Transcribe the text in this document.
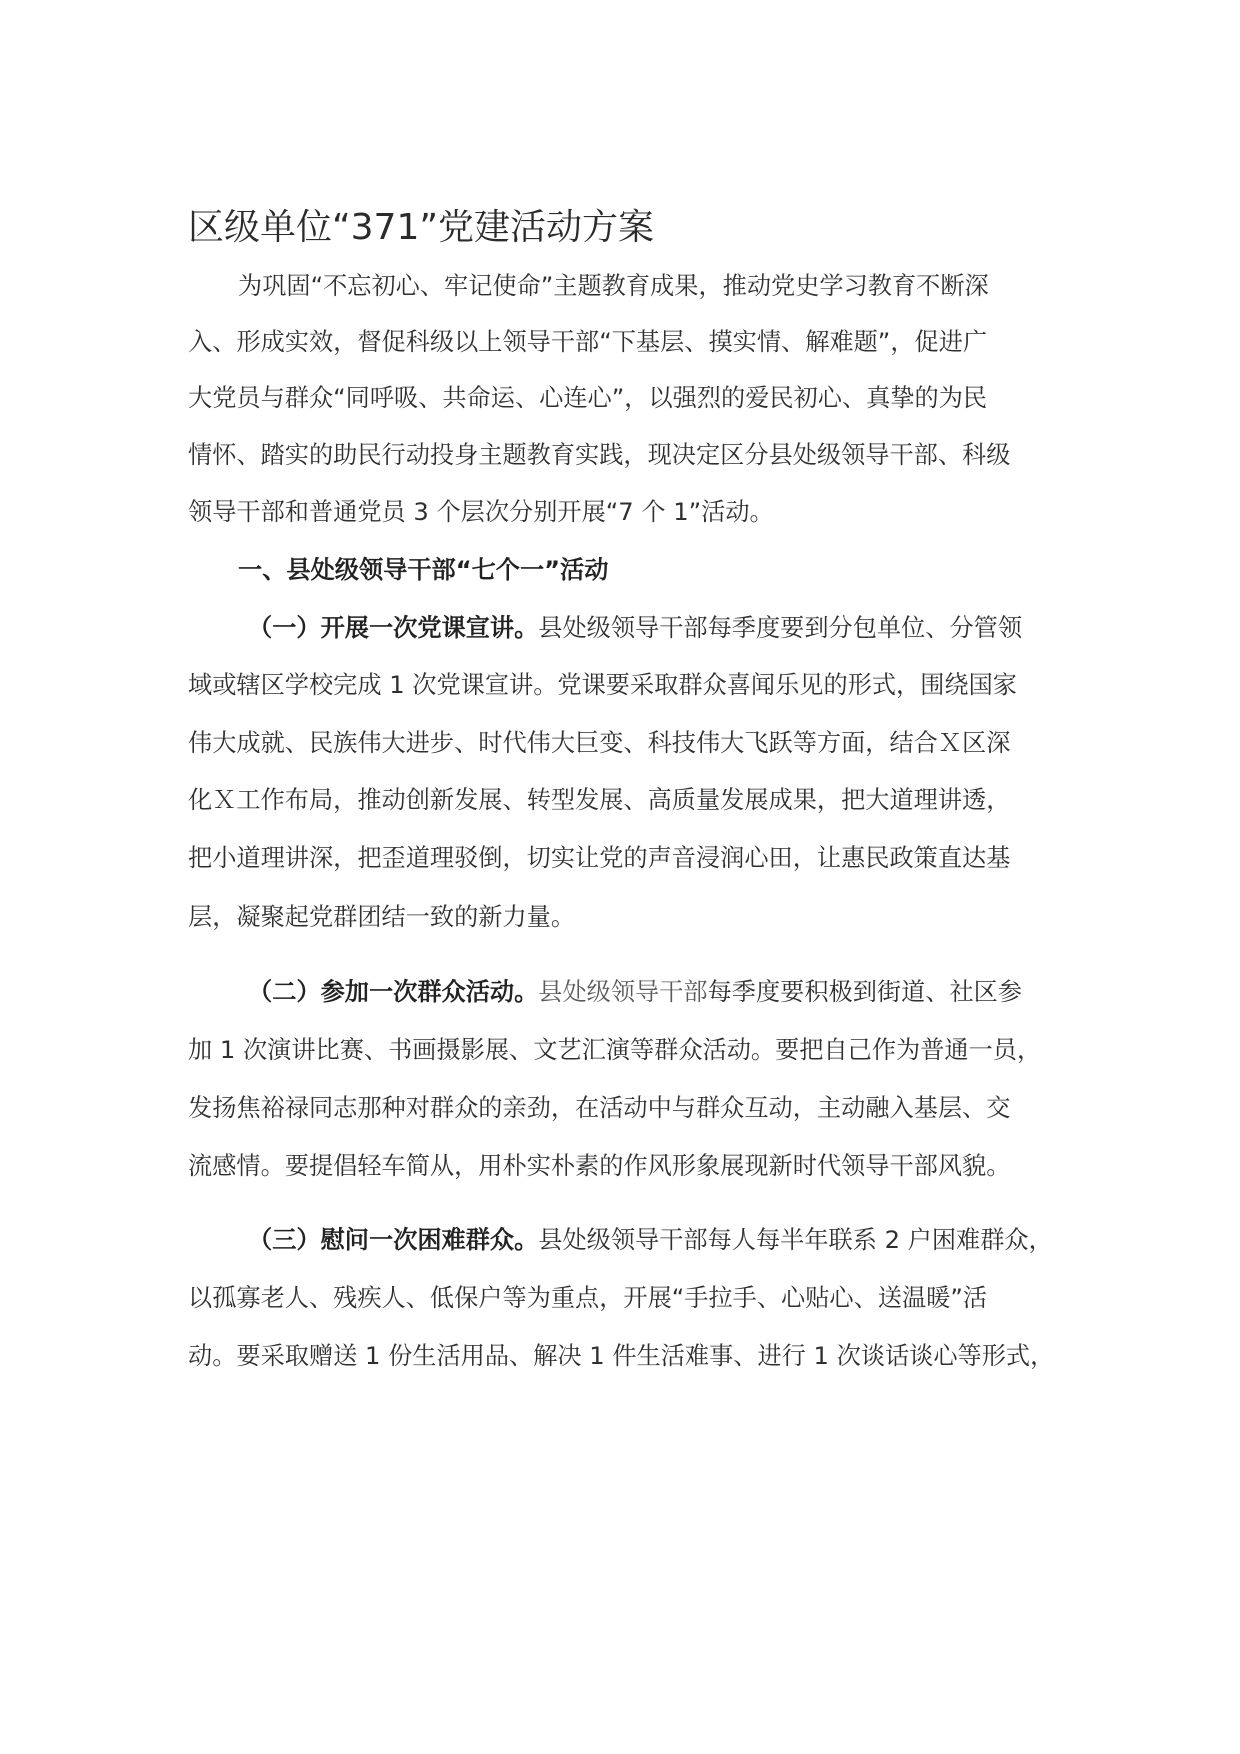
区级单位“371”党建活动方案
为巩固“不忘初心、牢记使命”主题教育成果，推动党史学习教育不断深
入、形成实效，督促科级以上领导干部“下基层、摸实情、解难题”，促进广
大党员与群众“同呼吸、共命运、心连心”，以强烈的爱民初心、真挚的为民
情怀、踏实的助民行动投身主题教育实践，现决定区分县处级领导干部、科级
领导干部和普通党员 3 个层次分别开展“7 个 1”活动。
一、县处级领导干部“七个一”活动
（一）开展一次党课宣讲。县处级领导干部每季度要到分包单位、分管领
域或辖区学校完成 1 次党课宣讲。党课要采取群众喜闻乐见的形式，围绕国家
伟大成就、民族伟大进步、时代伟大巨变、科技伟大飞跃等方面，结合Ｘ区深
化Ｘ工作布局，推动创新发展、转型发展、高质量发展成果，把大道理讲透，
把小道理讲深，把歪道理驳倒，切实让党的声音浸润心田，让惠民政策直达基
层，凝聚起党群团结一致的新力量。
（二）参加一次群众活动。县处级领导干部每季度要积极到街道、社区参
加 1 次演讲比赛、书画摄影展、文艺汇演等群众活动。要把自己作为普通一员，
发扬焦裕禄同志那种对群众的亲劲，在活动中与群众互动，主动融入基层、交
流感情。要提倡轻车简从，用朴实朴素的作风形象展现新时代领导干部风貌。
（三）慰问一次困难群众。县处级领导干部每人每半年联系 2 户困难群众，
以孤寡老人、残疾人、低保户等为重点，开展“手拉手、心贴心、送温暖”活
动。要采取赠送 1 份生活用品、解决 1 件生活难事、进行 1 次谈话谈心等形式，
